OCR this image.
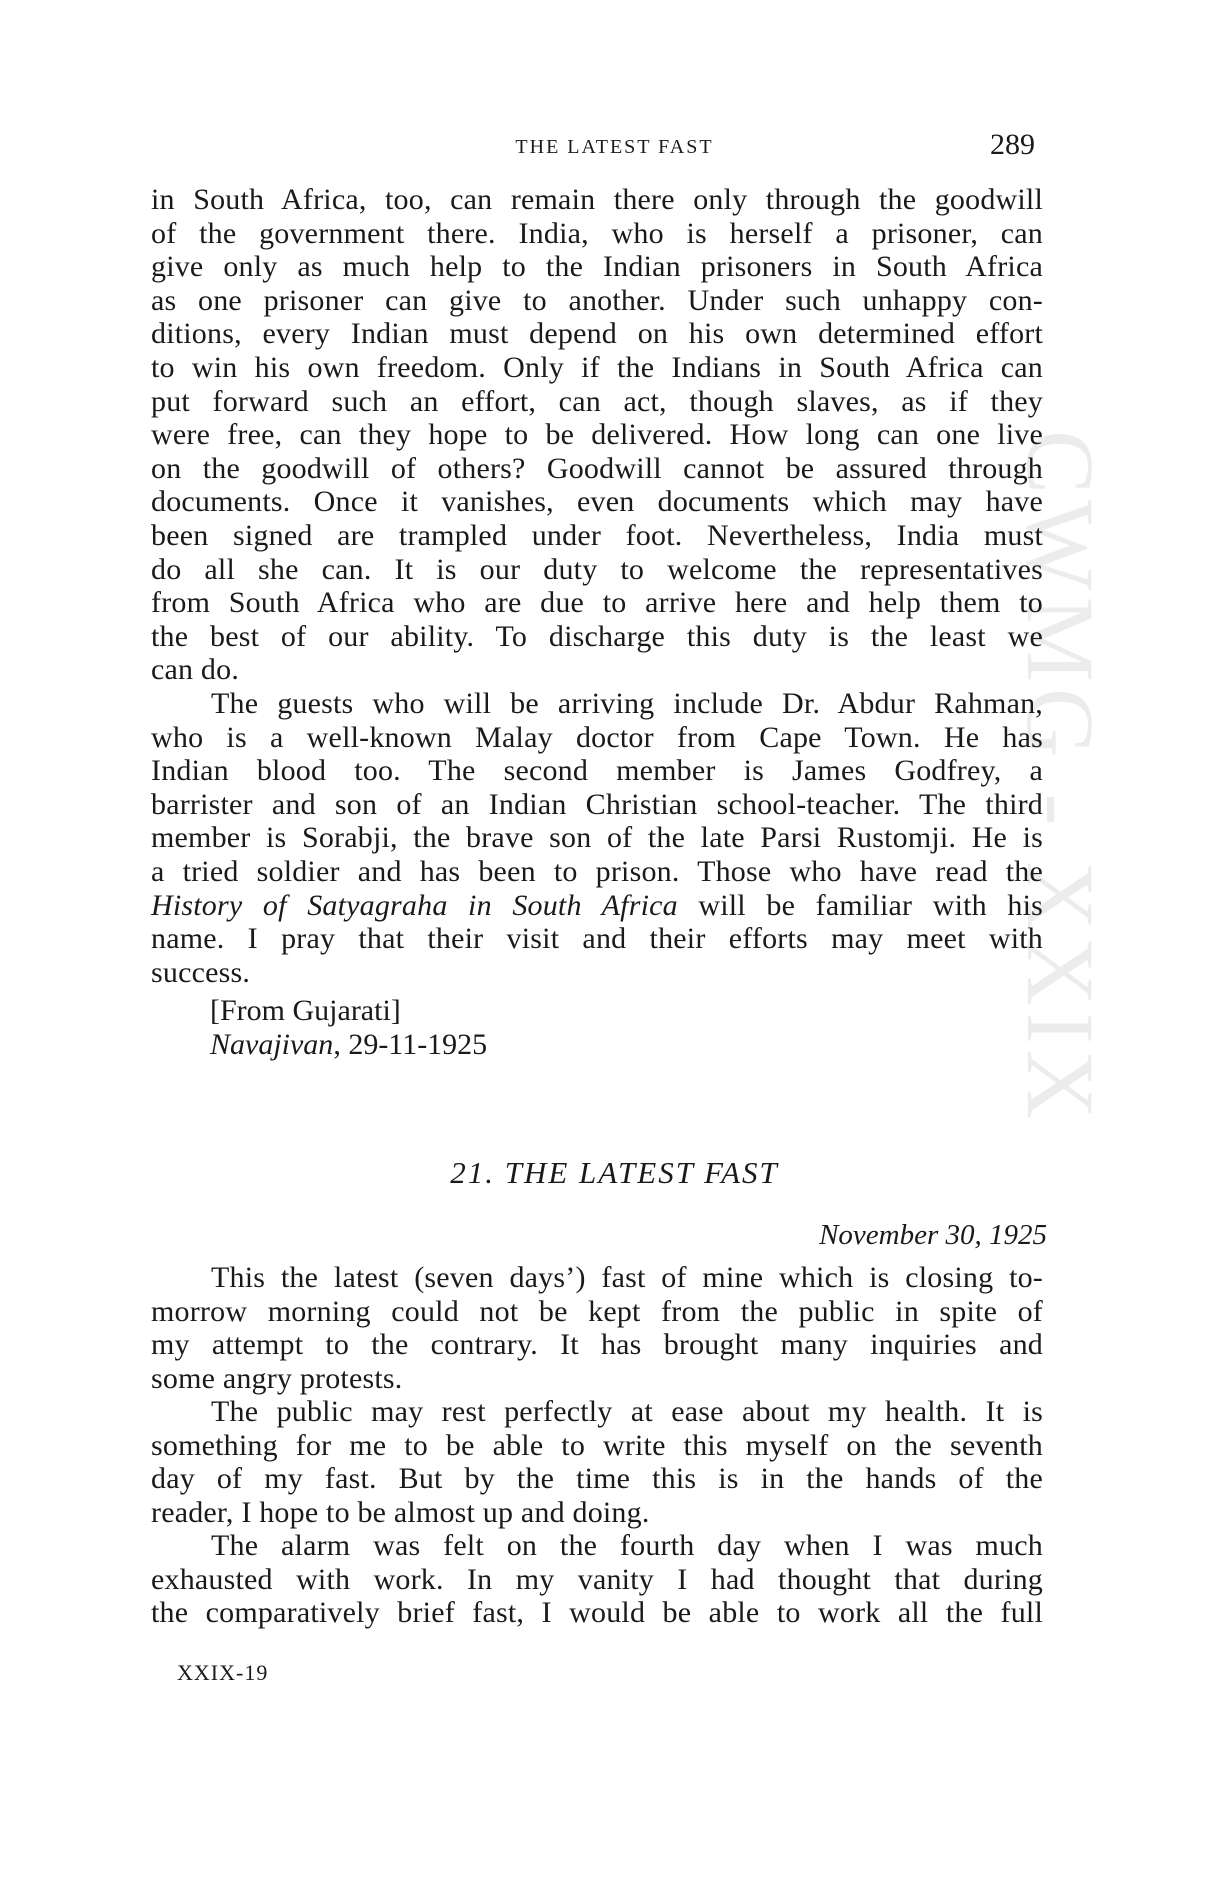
CWMG - XXIX
THE LATEST FAST	289
in South Africa, too, can remain there only through the goodwill
of the government there. India, who is herself a prisoner, can
give only as much help to the Indian prisoners in South Africa
as one prisoner can give to another. Under such unhappy con-
ditions, every Indian must depend on his own determined effort
to win his own freedom. Only if the Indians in South Africa can
put forward such an effort, can act, though slaves, as if they
were free, can they hope to be delivered. How long can one live
on the goodwill of others? Goodwill cannot be assured through
documents. Once it vanishes, even documents which may have
been signed are trampled under foot. Nevertheless, India must
do all she can. It is our duty to welcome the representatives
from South Africa who are due to arrive here and help them to
the best of our ability. To discharge this duty is the least we
can do.
The guests who will be arriving include Dr. Abdur Rahman,
who is a well-known Malay doctor from Cape Town. He has
Indian blood too. The second member is James Godfrey, a
barrister and son of an Indian Christian school-teacher. The third
member is Sorabji, the brave son of the late Parsi Rustomji. He is
a tried soldier and has been to prison. Those who have read the
History of Satyagraha in South Africa will be familiar with his
name. I pray that their visit and their efforts may meet with
success.
[From Gujarati]
Navajivan, 29-11-1925
21. THE LATEST FAST
November 30, 1925
This the latest (seven days’) fast of mine which is closing to-
morrow morning could not be kept from the public in spite of
my attempt to the contrary. It has brought many inquiries and
some angry protests.
The public may rest perfectly at ease about my health. It is
something for me to be able to write this myself on the seventh
day of my fast. But by the time this is in the hands of the
reader, I hope to be almost up and doing.
The alarm was felt on the fourth day when I was much
exhausted with work. In my vanity I had thought that during
the comparatively brief fast, I would be able to work all the full
XXIX-19
